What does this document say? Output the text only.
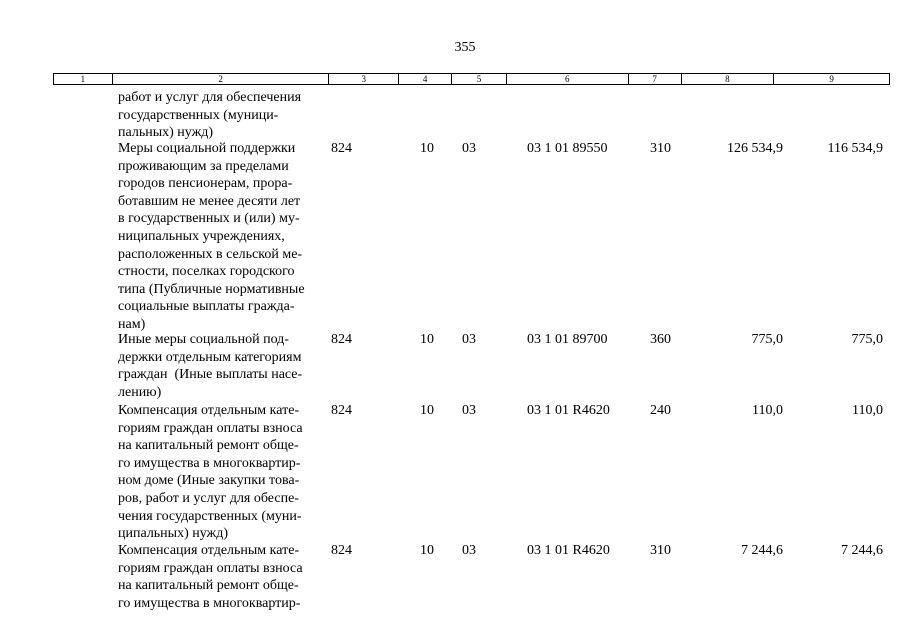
355
1	2	3	4	5	6	7	8	9
работ и услуг для обеспечения
государственных (муници-
пальных) нужд)
Меры социальной поддержки
проживающим за пределами
городов пенсионерам, прора-
ботавшим не менее десяти лет
в государственных и (или) му-
ниципальных учреждениях,
расположенных в сельской ме-
стности, поселках городского
типа (Публичные нормативные
социальные выплаты гражда-
нам)
824	10 03	03 1 01 89550	310	126 534,9	116 534,9
Иные меры социальной под-
держки отдельным категориям
граждан  (Иные выплаты насе-
лению)
824	10 03	03 1 01 89700	360	775,0	775,0
Компенсация отдельным кате-
гориям граждан оплаты взноса
на капитальный ремонт обще-
го имущества в многоквартир-
ном доме (Иные закупки това-
ров, работ и услуг для обеспе-
чения государственных (муни-
ципальных) нужд)
824	10 03	03 1 01 R4620	240	110,0	110,0
Компенсация отдельным кате-
гориям граждан оплаты взноса
на капитальный ремонт обще-
го имущества в многоквартир-
824	10 03	03 1 01 R4620	310	7 244,6	7 244,6
